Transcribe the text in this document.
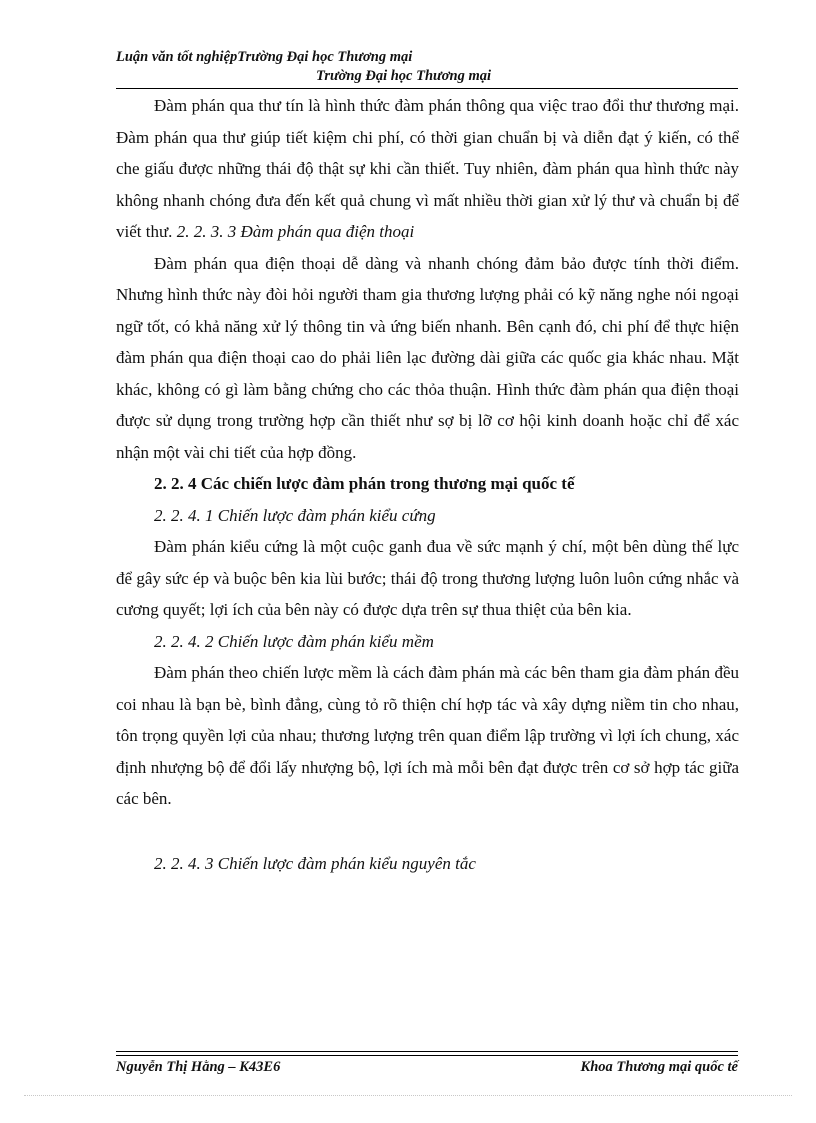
Luận văn tốt nghiệpTrường Đại học Thương mại
Trường Đại học Thương mại

Đàm phán qua thư tín là hình thức đàm phán thông qua việc trao đổi thư thương mại. Đàm phán qua thư giúp tiết kiệm chi phí, có thời gian chuẩn bị và diễn đạt ý kiến, có thể che giấu được những thái độ thật sự khi cần thiết. Tuy nhiên, đàm phán qua hình thức này không nhanh chóng đưa đến kết quả chung vì mất nhiều thời gian xử lý thư và chuẩn bị để viết thư. 2. 2. 3. 3 Đàm phán qua điện thoại

Đàm phán qua điện thoại dễ dàng và nhanh chóng đảm bảo được tính thời điểm. Nhưng hình thức này đòi hỏi người tham gia thương lượng phải có kỹ năng nghe nói ngoại ngữ tốt, có khả năng xử lý thông tin và ứng biến nhanh. Bên cạnh đó, chi phí để thực hiện đàm phán qua điện thoại cao do phải liên lạc đường dài giữa các quốc gia khác nhau. Mặt khác, không có gì làm bằng chứng cho các thỏa thuận. Hình thức đàm phán qua điện thoại được sử dụng trong trường hợp cần thiết như sợ bị lỡ cơ hội kinh doanh hoặc chỉ để xác nhận một vài chi tiết của hợp đồng.

2. 2. 4 Các chiến lược đàm phán trong thương mại quốc tế

2. 2. 4. 1 Chiến lược đàm phán kiểu cứng

Đàm phán kiểu cứng là một cuộc ganh đua về sức mạnh ý chí, một bên dùng thế lực để gây sức ép và buộc bên kia lùi bước; thái độ trong thương lượng luôn luôn cứng nhắc và cương quyết; lợi ích của bên này có được dựa trên sự thua thiệt của bên kia.

2. 2. 4. 2 Chiến lược đàm phán kiểu mềm

Đàm phán theo chiến lược mềm là cách đàm phán mà các bên tham gia đàm phán đều coi nhau là bạn bè, bình đẳng, cùng tỏ rõ thiện chí hợp tác và xây dựng niềm tin cho nhau, tôn trọng quyền lợi của nhau; thương lượng trên quan điểm lập trường vì lợi ích chung, xác định nhượng bộ để đổi lấy nhượng bộ, lợi ích mà mỗi bên đạt được trên cơ sở hợp tác giữa các bên.

2. 2. 4. 3 Chiến lược đàm phán kiểu nguyên tắc

Nguyễn Thị Hằng – K43E6	Khoa Thương mại quốc tế
